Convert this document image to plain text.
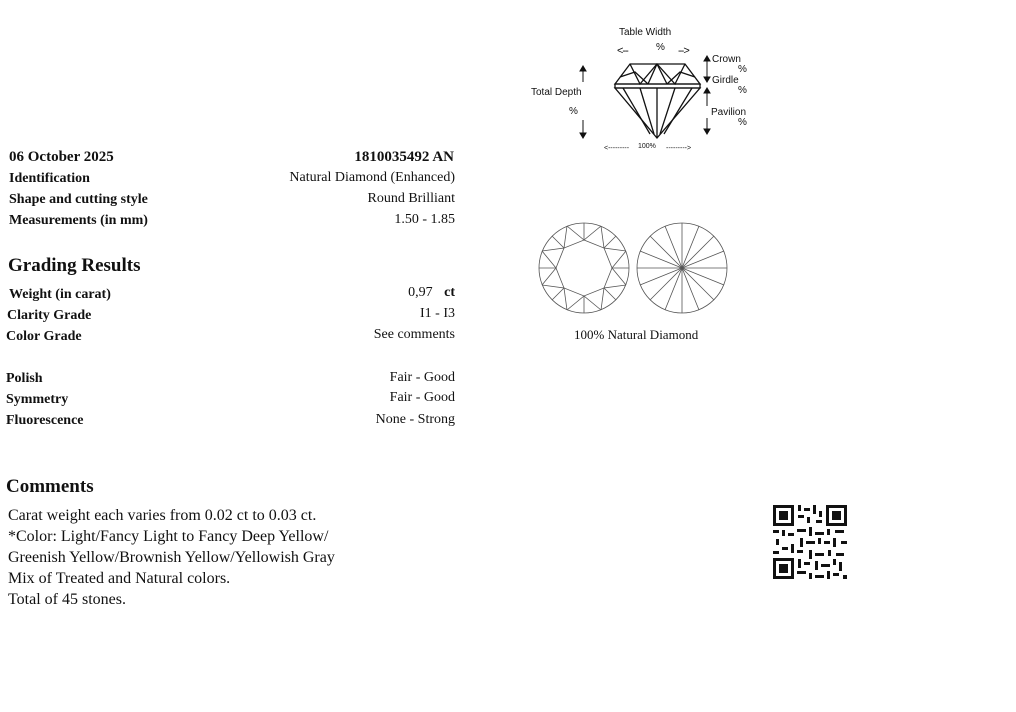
06 October 2025	1810035492 AN
Identification	Natural Diamond (Enhanced)
Shape and cutting style	Round Brilliant
Measurements (in mm)	1.50 - 1.85
Grading Results
Weight (in carat)	0,97 ct
Clarity Grade	I1 - I3
Color Grade	See comments
Polish	Fair - Good
Symmetry	Fair - Good
Fluorescence	None - Strong
Comments
Carat weight each varies from 0.02 ct to 0.03 ct.
*Color: Light/Fancy Light to Fancy Deep Yellow/
Greenish Yellow/Brownish Yellow/Yellowish Gray
Mix of Treated and Natural colors.
Total of 45 stones.
<--	-->
<---------	--------->
Table Width
%
Crown
%
Girdle
%
Pavilion
%
Total Depth
%
100%
100% Natural Diamond
